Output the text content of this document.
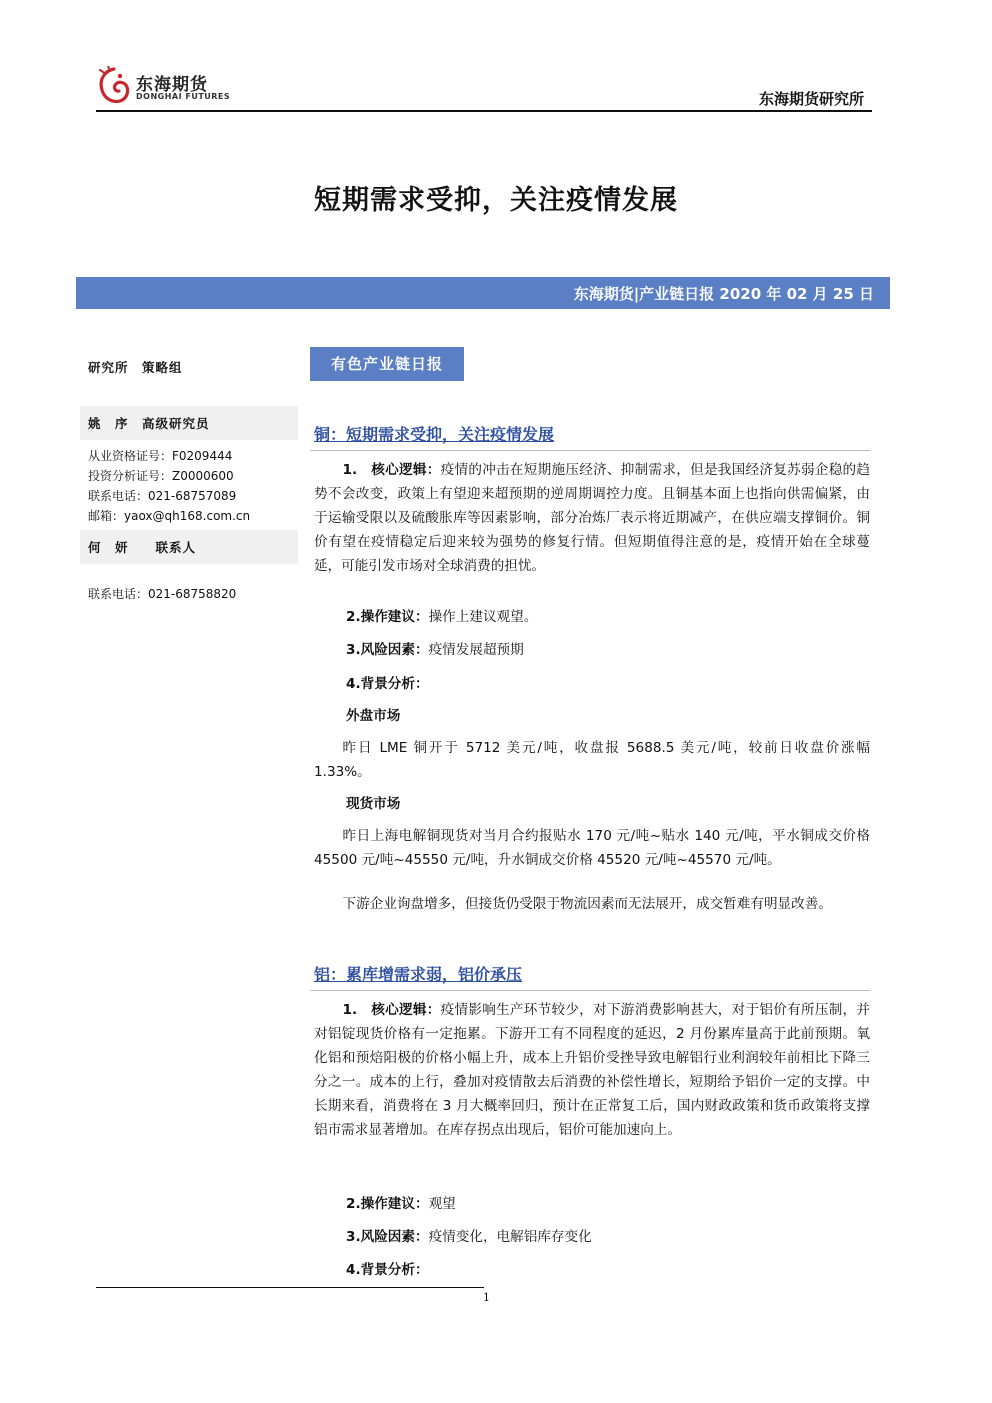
东海期货
DONGHAI FUTURES	东海期货研究所
短期需求受抑，关注疫情发展
东海期货|产业链日报 2020 年 02 月 25 日
研究所　策略组
姚　序　高级研究员
从业资格证号：F0209444
投资分析证号：Z0000600
联系电话：021-68757089
邮箱：yaox@qh168.com.cn
何　妍　　联系人
联系电话：021-68758820
有色产业链日报
铜：短期需求受抑，关注疫情发展
1.　核心逻辑：疫情的冲击在短期施压经济、抑制需求，但是我国经济复苏弱企稳的趋势不会改变，政策上有望迎来超预期的逆周期调控力度。且铜基本面上也指向供需偏紧，由于运输受限以及硫酸胀库等因素影响，部分冶炼厂表示将近期减产，在供应端支撑铜价。铜价有望在疫情稳定后迎来较为强势的修复行情。但短期值得注意的是，疫情开始在全球蔓延，可能引发市场对全球消费的担忧。
2.操作建议：操作上建议观望。
3.风险因素：疫情发展超预期
4.背景分析：
外盘市场
昨日 LME 铜开于 5712 美元/吨，收盘报 5688.5 美元/吨，较前日收盘价涨幅 1.33%。
现货市场
昨日上海电解铜现货对当月合约报贴水 170 元/吨~贴水 140 元/吨，平水铜成交价格 45500 元/吨~45550 元/吨，升水铜成交价格 45520 元/吨~45570 元/吨。
下游企业询盘增多，但接货仍受限于物流因素而无法展开，成交暂难有明显改善。
铝：累库增需求弱，铝价承压
1.　核心逻辑：疫情影响生产环节较少，对下游消费影响甚大，对于铝价有所压制，并对铝锭现货价格有一定拖累。下游开工有不同程度的延迟，2 月份累库量高于此前预期。氧化铝和预焙阳极的价格小幅上升，成本上升铝价受挫导致电解铝行业利润较年前相比下降三分之一。成本的上行，叠加对疫情散去后消费的补偿性增长，短期给予铝价一定的支撑。中长期来看，消费将在 3 月大概率回归，预计在正常复工后，国内财政政策和货币政策将支撑铝市需求显著增加。在库存拐点出现后，铝价可能加速向上。
2.操作建议：观望
3.风险因素：疫情变化，电解铝库存变化
4.背景分析：
1
